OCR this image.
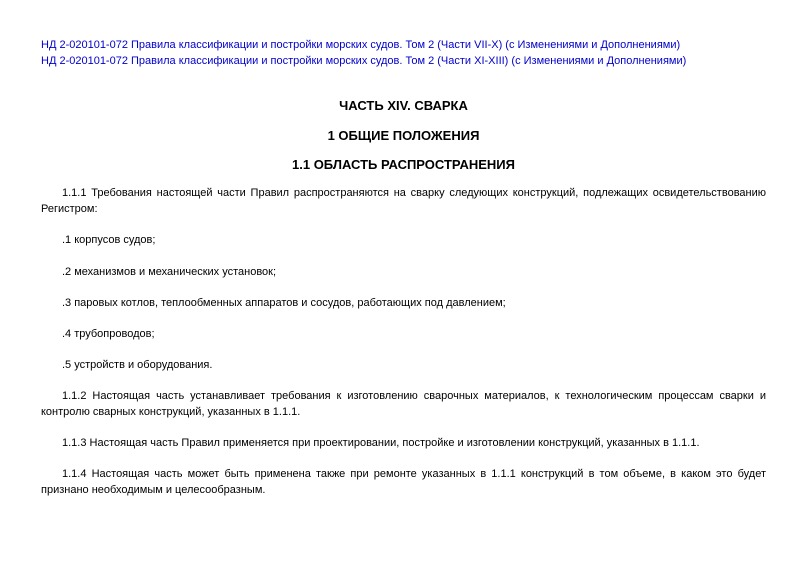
НД 2-020101-072 Правила классификации и постройки морских судов. Том 2 (Части VII-X) (с Изменениями и Дополнениями)
НД 2-020101-072 Правила классификации и постройки морских судов. Том 2 (Части XI-XIII) (с Изменениями и Дополнениями)
ЧАСТЬ XIV. СВАРКА
1 ОБЩИЕ ПОЛОЖЕНИЯ
1.1 ОБЛАСТЬ РАСПРОСТРАНЕНИЯ

1.1.1 Требования настоящей части Правил распространяются на сварку следующих конструкций, подлежащих освидетельствованию Регистром:

.1 корпусов судов;

.2 механизмов и механических установок;

.3 паровых котлов, теплообменных аппаратов и сосудов, работающих под давлением;

.4 трубопроводов;

.5 устройств и оборудования.

1.1.2 Настоящая часть устанавливает требования к изготовлению сварочных материалов, к технологическим процессам сварки и контролю сварных конструкций, указанных в 1.1.1.

1.1.3 Настоящая часть Правил применяется при проектировании, постройке и изготовлении конструкций, указанных в 1.1.1.

1.1.4 Настоящая часть может быть применена также при ремонте указанных в 1.1.1 конструкций в том объеме, в каком это будет признано необходимым и целесообразным.
